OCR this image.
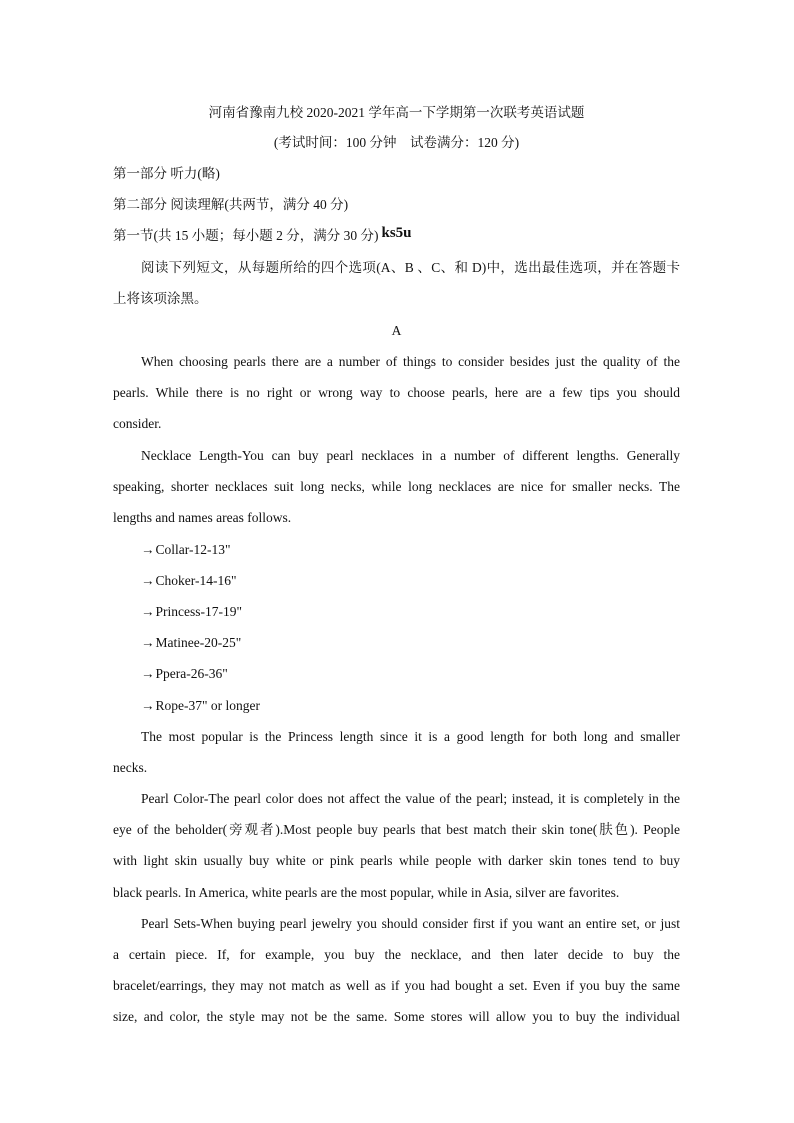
河南省豫南九校 2020-2021 学年高一下学期第一次联考英语试题
(考试时间：100 分钟　试卷满分：120 分)
第一部分 听力(略)
第二部分 阅读理解(共两节，满分 40 分)
第一节(共 15 小题；每小题 2 分，满分 30 分) ks5u
阅读下列短文，从每题所给的四个选项(A、B 、C、和 D)中，选出最佳选项，并在答题卡
上将该项涂黑。
A
When choosing pearls there are a number of things to consider besides just the quality of the
pearls. While there is no right or wrong way to choose pearls, here are a few tips you should
consider.
Necklace Length-You can buy pearl necklaces in a number of different lengths. Generally
speaking, shorter necklaces suit long necks, while long necklaces are nice for smaller necks. The
lengths and names areas follows.
→Collar-12-13"
→Choker-14-16"
→Princess-17-19"
→Matinee-20-25"
→Ppera-26-36"
→Rope-37" or longer
The most popular is the Princess length since it is a good length for both long and smaller
necks.
Pearl Color-The pearl color does not affect the value of the pearl; instead, it is completely in the
eye of the beholder(旁观者).Most people buy pearls that best match their skin tone(肤色). People
with light skin usually buy white or pink pearls while people with darker skin tones tend to buy
black pearls. In America, white pearls are the most popular, while in Asia, silver are favorites.
Pearl Sets-When buying pearl jewelry you should consider first if you want an entire set, or just
a certain piece. If, for example, you buy the necklace, and then later decide to buy the
bracelet/earrings, they may not match as well as if you had bought a set. Even if you buy the same
size, and color, the style may not be the same. Some stores will allow you to buy the individual
